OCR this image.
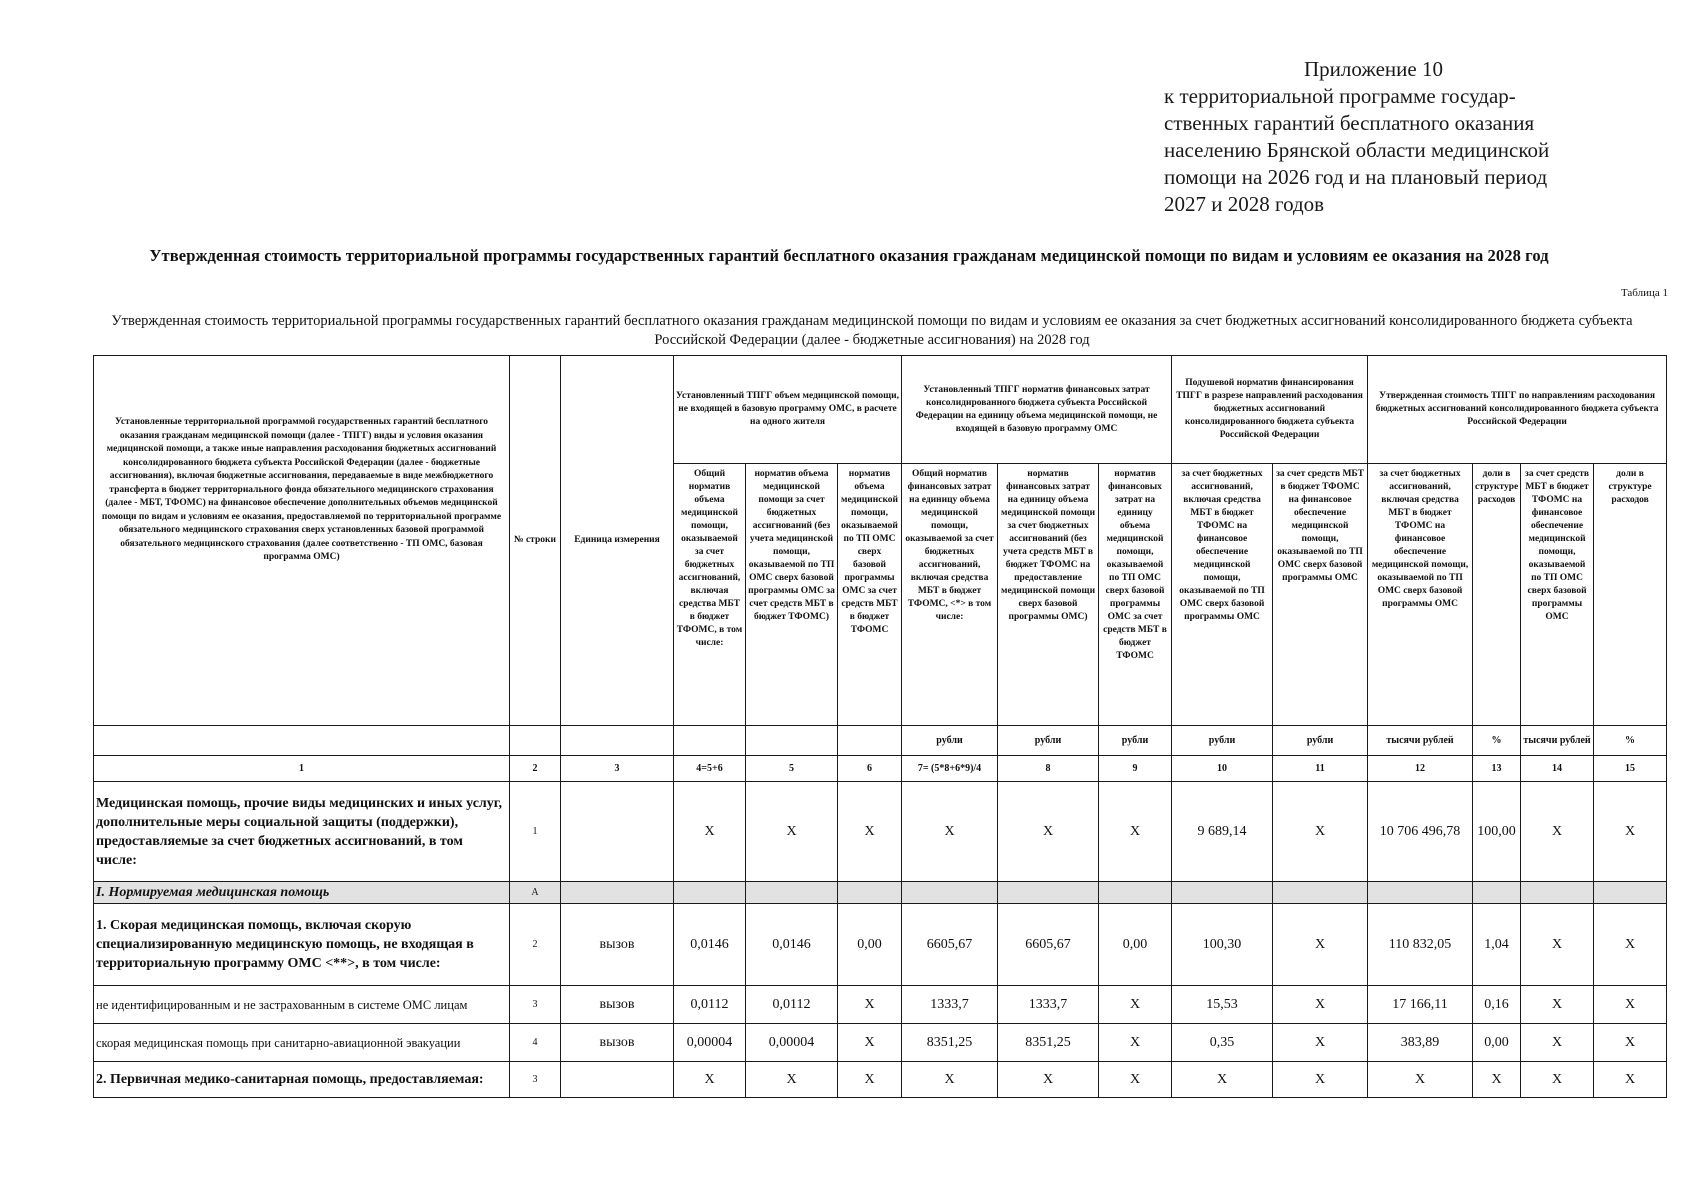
Приложение 10
к территориальной программе государ-
ственных гарантий бесплатного оказания
населению Брянской области медицинской
помощи на 2026 год и на плановый период
2027 и 2028 годов
Утвержденная стоимость территориальной программы государственных гарантий бесплатного оказания гражданам медицинской помощи по видам и условиям ее оказания на 2028 год
Таблица 1
Утвержденная стоимость территориальной программы государственных гарантий бесплатного оказания гражданам медицинской помощи по видам и условиям ее оказания за счет бюджетных ассигнований консолидированного бюджета субъекта Российской Федерации (далее - бюджетные ассигнования) на 2028 год
Установленные территориальной программой государственных гарантий бесплатного оказания гражданам медицинской помощи (далее - ТПГГ) виды и условия оказания медицинской помощи, а также иные направления расходования бюджетных ассигнований консолидированного бюджета субъекта Российской Федерации (далее - бюджетные ассигнования), включая бюджетные ассигнования, передаваемые в виде межбюджетного трансферта в бюджет территориального фонда обязательного медицинского страхования (далее - МБТ, ТФОМС) на финансовое обеспечение дополнительных объемов медицинской помощи по видам и условиям ее оказания, предоставляемой по территориальной программе обязательного медицинского страхования сверх установленных базовой программой обязательного медицинского страхования (далее соответственно - ТП ОМС, базовая программа ОМС)	№ строки	Единица измерения	Установленный ТПГГ объем медицинской помощи, не входящей в базовую программу ОМС, в расчете на одного жителя			Установленный ТПГГ норматив финансовых затрат консолидированного бюджета субъекта Российской Федерации на единицу объема медицинской помощи, не входящей в базовую программу ОМС			Подушевой норматив финансирования ТПГГ в разрезе направлений расходования бюджетных ассигнований консолидированного бюджета субъекта Российской Федерации		Утвержденная стоимость ТПГГ по направлениям расходования бюджетных ассигнований консолидированного бюджета субъекта Российской Федерации			
			Общий норматив объема медицинской помощи, оказываемой за счет бюджетных ассигнований, включая средства МБТ в бюджет ТФОМС, в том числе:	норматив объема медицинской помощи за счет бюджетных ассигнований (без учета медицинской помощи, оказываемой по ТП ОМС сверх базовой программы ОМС за счет средств МБТ в бюджет ТФОМС)	норматив объема медицинской помощи, оказываемой по ТП ОМС сверх базовой программы ОМС за счет средств МБТ в бюджет ТФОМС	Общий норматив финансовых затрат на единицу объема медицинской помощи, оказываемой за счет бюджетных ассигнований, включая средства МБТ в бюджет ТФОМС, <*> в том числе:	норматив финансовых затрат на единицу объема медицинской помощи за счет бюджетных ассигнований (без учета средств МБТ в бюджет ТФОМС на предоставление медицинской помощи сверх базовой программы ОМС)	норматив финансовых затрат на единицу объема медицинской помощи, оказываемой по ТП ОМС сверх базовой программы ОМС за счет средств МБТ в бюджет ТФОМС	за счет бюджетных ассигнований, включая средства МБТ в бюджет ТФОМС на финансовое обеспечение медицинской помощи, оказываемой по ТП ОМС сверх базовой программы ОМС	за счет средств МБТ в бюджет ТФОМС на финансовое обеспечение медицинской помощи, оказываемой по ТП ОМС сверх базовой программы ОМС	за счет бюджетных ассигнований, включая средства МБТ в бюджет ТФОМС на финансовое обеспечение медицинской помощи, оказываемой по ТП ОМС сверх базовой программы ОМС	доли в структуре расходов	за счет средств МБТ в бюджет ТФОМС на финансовое обеспечение медицинской помощи, оказываемой по ТП ОМС сверх базовой программы ОМС	доли в структуре расходов
						рубли	рубли	рубли	рубли	рубли	тысячи рублей	%	тысячи рублей	%
1	2	3	4=5+6	5	6	7= (5*8+6*9)/4	8	9	10	11	12	13	14	15
Медицинская помощь, прочие виды медицинских и иных услуг, дополнительные меры социальной защиты (поддержки), предоставляемые за счет бюджетных ассигнований, в том числе:	1		Х	Х	Х	Х	Х	Х	9 689,14	Х	10 706 496,78	100,00	Х	Х
I. Нормируемая медицинская помощь	А													
1. Скорая медицинская помощь, включая скорую специализированную медицинскую помощь, не входящая в территориальную программу ОМС <**>, в том числе:	2	вызов	0,0146	0,0146	0,00	6605,67	6605,67	0,00	100,30	Х	110 832,05	1,04	Х	Х
не идентифицированным и не застрахованным в системе ОМС лицам	3	вызов	0,0112	0,0112	Х	1333,7	1333,7	Х	15,53	Х	17 166,11	0,16	Х	Х
скорая медицинская помощь при санитарно-авиационной эвакуации	4	вызов	0,00004	0,00004	Х	8351,25	8351,25	Х	0,35	Х	383,89	0,00	Х	Х
2. Первичная медико-санитарная помощь, предоставляемая:	3		Х	Х	Х	Х	Х	Х	Х	Х	Х	Х	Х	Х
